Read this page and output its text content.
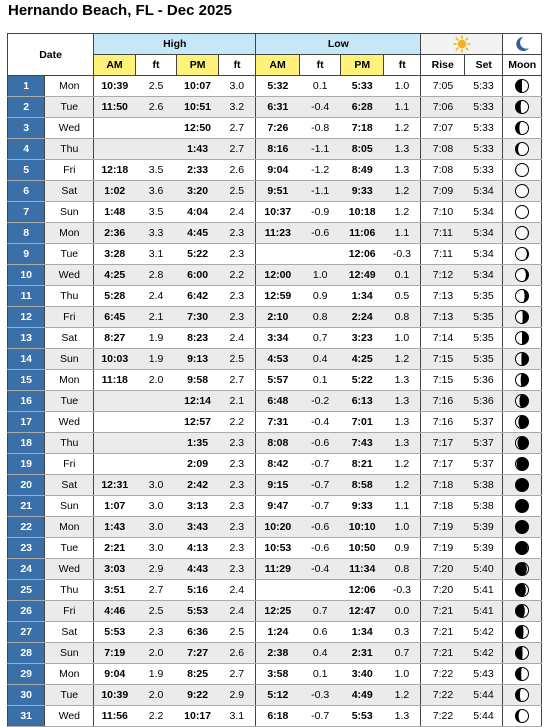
Hernando Beach, FL - Dec 2025
Date		High				Low	

		AM	ft	PM	ft	AM	ft	PM	ft	Rise	Set	Moon
1	Mon	10:39	2.5	10:07	3.0	5:32	0.1	5:33	1.0	7:05	5:33	

2	Tue	11:50	2.6	10:51	3.2	6:31	-0.4	6:28	1.1	7:06	5:33	

3	Wed			12:50	2.7	7:26	-0.8	7:18	1.2	7:07	5:33	

4	Thu			1:43	2.7	8:16	-1.1	8:05	1.3	7:08	5:33	

5	Fri	12:18	3.5	2:33	2.6	9:04	-1.2	8:49	1.3	7:08	5:33	

6	Sat	1:02	3.6	3:20	2.5	9:51	-1.1	9:33	1.2	7:09	5:34	

7	Sun	1:48	3.5	4:04	2.4	10:37	-0.9	10:18	1.2	7:10	5:34	

8	Mon	2:36	3.3	4:45	2.3	11:23	-0.6	11:06	1.1	7:11	5:34	

9	Tue	3:28	3.1	5:22	2.3			12:06	-0.3	7:11	5:34	

10	Wed	4:25	2.8	6:00	2.2	12:00	1.0	12:49	0.1	7:12	5:34	

11	Thu	5:28	2.4	6:42	2.3	12:59	0.9	1:34	0.5	7:13	5:35	

12	Fri	6:45	2.1	7:30	2.3	2:10	0.8	2:24	0.8	7:13	5:35	

13	Sat	8:27	1.9	8:23	2.4	3:34	0.7	3:23	1.0	7:14	5:35	

14	Sun	10:03	1.9	9:13	2.5	4:53	0.4	4:25	1.2	7:15	5:35	

15	Mon	11:18	2.0	9:58	2.7	5:57	0.1	5:22	1.3	7:15	5:36	

16	Tue			12:14	2.1	6:48	-0.2	6:13	1.3	7:16	5:36	

17	Wed			12:57	2.2	7:31	-0.4	7:01	1.3	7:16	5:37	

18	Thu			1:35	2.3	8:08	-0.6	7:43	1.3	7:17	5:37	

19	Fri			2:09	2.3	8:42	-0.7	8:21	1.2	7:17	5:37	

20	Sat	12:31	3.0	2:42	2.3	9:15	-0.7	8:58	1.2	7:18	5:38	

21	Sun	1:07	3.0	3:13	2.3	9:47	-0.7	9:33	1.1	7:18	5:38	

22	Mon	1:43	3.0	3:43	2.3	10:20	-0.6	10:10	1.0	7:19	5:39	

23	Tue	2:21	3.0	4:13	2.3	10:53	-0.6	10:50	0.9	7:19	5:39	

24	Wed	3:03	2.9	4:43	2.3	11:29	-0.4	11:34	0.8	7:20	5:40	

25	Thu	3:51	2.7	5:16	2.4			12:06	-0.3	7:20	5:41	

26	Fri	4:46	2.5	5:53	2.4	12:25	0.7	12:47	0.0	7:21	5:41	

27	Sat	5:53	2.3	6:36	2.5	1:24	0.6	1:34	0.3	7:21	5:42	

28	Sun	7:19	2.0	7:27	2.6	2:38	0.4	2:31	0.7	7:21	5:42	

29	Mon	9:04	1.9	8:25	2.7	3:58	0.1	3:40	1.0	7:22	5:43	

30	Tue	10:39	2.0	9:22	2.9	5:12	-0.3	4:49	1.2	7:22	5:44	

31	Wed	11:56	2.2	10:17	3.1	6:18	-0.7	5:53	1.3	7:22	5:44	
